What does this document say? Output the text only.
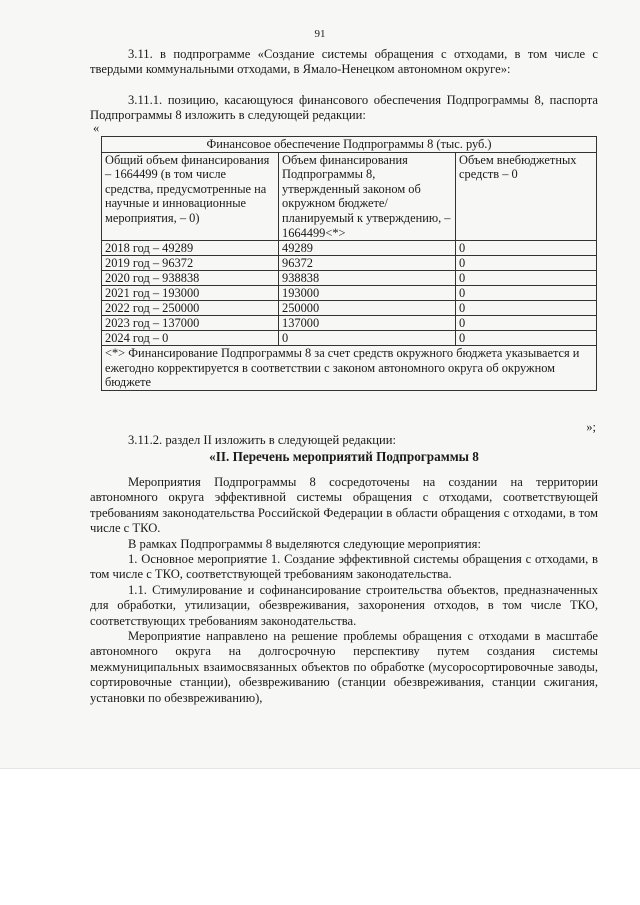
91

3.11. в подпрограмме «Создание системы обращения с отходами, в том числе с твердыми коммунальными отходами, в Ямало-Ненецком автономном округе»:

3.11.1. позицию, касающуюся финансового обеспечения Подпрограммы 8, паспорта Подпрограммы 8 изложить в следующей редакции:

«
Финансовое обеспечение Подпрограммы 8 (тыс. руб.)		
Общий объем финансирования – 1664499 (в том числе средства, предусмотренные на научные и инновационные мероприятия, – 0)	Объем финансирования Подпрограммы 8, утвержденный законом об окружном бюджете/планируемый к утверждению, – 1664499<*>	Объем внебюджетных средств – 0
2018 год – 49289	49289	0
2019 год – 96372	96372	0
2020 год – 938838	938838	0
2021 год – 193000	193000	0
2022 год – 250000	250000	0
2023 год – 137000	137000	0
2024 год – 0	0	0
<*> Финансирование Подпрограммы 8 за счет средств окружного бюджета указывается и ежегодно корректируется в соответствии с законом автономного округа об окружном бюджете		
»;

3.11.2. раздел II изложить в следующей редакции:

«II. Перечень мероприятий Подпрограммы 8

Мероприятия Подпрограммы 8 сосредоточены на создании на территории автономного округа эффективной системы обращения с отходами, соответствующей требованиям законодательства Российской Федерации в области обращения с отходами, в том числе с ТКО.

В рамках Подпрограммы 8 выделяются следующие мероприятия:

1. Основное мероприятие 1. Создание эффективной системы обращения с отходами, в том числе с ТКО, соответствующей требованиям законодательства.

1.1. Стимулирование и софинансирование строительства объектов, предназначенных для обработки, утилизации, обезвреживания, захоронения отходов, в том числе ТКО, соответствующих требованиям законодательства.

Мероприятие направлено на решение проблемы обращения с отходами в масштабе автономного округа на долгосрочную перспективу путем создания системы межмуниципальных взаимосвязанных объектов по обработке (мусоросортировочные заводы, сортировочные станции), обезвреживанию (станции обезвреживания, станции сжигания, установки по обезвреживанию),
